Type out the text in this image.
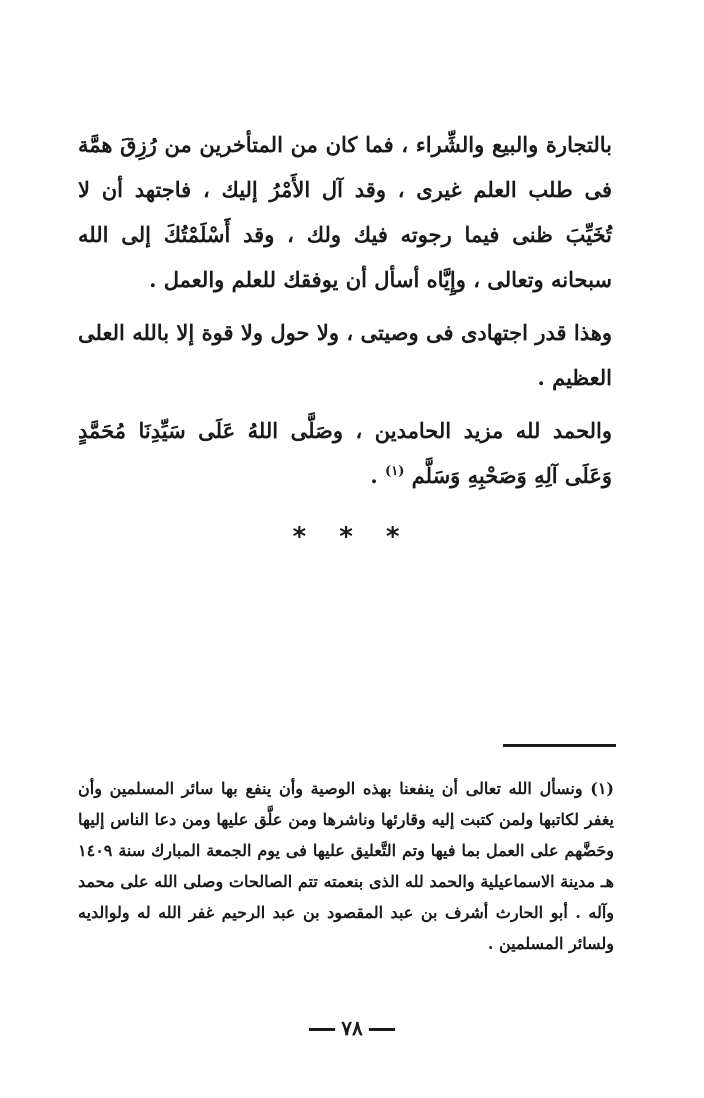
بالتجارة والبيع والشِّراء ، فما كان من المتأخرين من رُزِقَ همَّة فى طلب العلم غيرى ، وقد آل الأَمْرُ إليك ، فاجتهد أن لا تُخَيِّبَ ظنى فيما رجوته فيك ولك ، وقد أَسْلَمْتُكَ إلى الله سبحانه وتعالى ، وإِيَّاه أسأل أن يوفقك للعلم والعمل .

وهذا قدر اجتهادى فى وصيتى ، ولا حول ولا قوة إلا بالله العلى العظيم .

والحمد لله مزيد الحامدين ، وصَلَّى اللهُ عَلَى سَيِّدِنَا مُحَمَّدٍ وَعَلَى آلِهِ وَصَحْبِهِ وَسَلَّم $^{(١)}$ .

* * *

(١) ونسأل الله تعالى أن ينفعنا بهذه الوصية وأن ينفع بها سائر المسلمين وأن يغفر لكاتبها ولمن كتبت إليه وقارئها وناشرها ومن علَّق عليها ومن دعا الناس إليها وحَضَّهم على العمل بما فيها وتم التَّعليق عليها فى يوم الجمعة المبارك سنة ١٤٠٩ هـ مدينة الاسماعيلية والحمد لله الذى بنعمته تتم الصالحات وصلى الله على محمد وآله . أبو الحارث أشرف بن عبد المقصود بن عبد الرحيم غفر الله له ولوالديه ولسائر المسلمين .

٧٨
